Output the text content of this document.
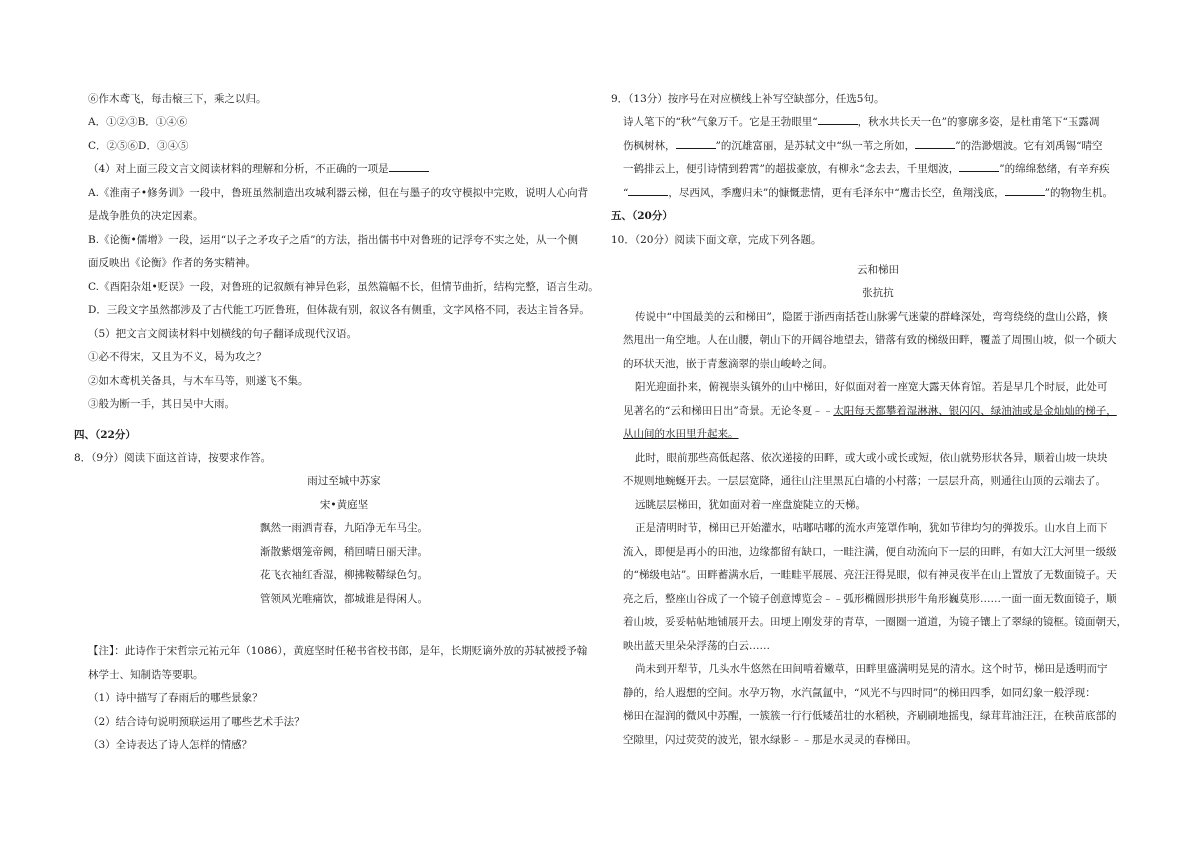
⑥作木鸢飞，每击榱三下，乘之以归。
A．①②③B．①④⑥
C．②⑤⑥D．③④⑤
（4）对上面三段文言文阅读材料的理解和分析，不正确的一项是
A.《淮南子•修务训》一段中，鲁班虽然制造出攻城利器云梯，但在与墨子的攻守模拟中完败，说明人心向背
是战争胜负的决定因素。
B.《论衡•儒增》一段，运用“以子之矛攻子之盾”的方法，指出儒书中对鲁班的记浮夸不实之处，从一个侧
面反映出《论衡》作者的务实精神。
C.《酉阳杂俎•贬误》一段，对鲁班的记叙颇有神异色彩，虽然篇幅不长，但情节曲折，结构完整，语言生动。
D．三段文字虽然都涉及了古代能工巧匠鲁班，但体裁有别，叙议各有侧重，文字风格不同，表达主旨各异。
（5）把文言文阅读材料中划横线的句子翻译成现代汉语。
①必不得宋，又且为不义，曷为攻之？
②如木鸢机关备具，与木车马等，则遂飞不集。
③般为断一手，其日吴中大雨。
四、（22分）
8．（9分）阅读下面这首诗，按要求作答。
雨过至城中苏家
宋•黄庭坚
飘然一雨洒青春，九陌净无车马尘。
渐散紫烟笼帝阙，稍回晴日丽天津。
花飞衣袖红香湿，柳拂鞍鞯绿色匀。
管领风光唯痛饮，都城谁是得闲人。
【注】：此诗作于宋哲宗元祐元年（1086），黄庭坚时任秘书省校书郎，是年，长期贬谪外放的苏轼被授予翰
林学士、知制诰等要职。
（1）诗中描写了春雨后的哪些景象？
（2）结合诗句说明预联运用了哪些艺术手法？
（3）全诗表达了诗人怎样的情感？
9．（13分）按序号在对应横线上补写空缺部分，任选5句。
诗人笔下的“秋”气象万千。它是王勃眼里“	，秋水共长天一色”的寥廓多姿，是杜甫笔下“玉露凋
伤枫树林，	”的沉雄富丽，是苏轼文中“纵一苇之所如，	”的浩渺烟波。它有刘禹锡“晴空
一鹤排云上，便引诗情到碧霄”的超拔豪放，有柳永“念去去，千里烟波，	”的绵绵愁绪，有辛弃疾
“	，尽西风，季鹰归未”的慷慨悲情，更有毛泽东中“鹰击长空，鱼翔浅底，	”的物物生机。
五、（20分）
10．（20分）阅读下面文章，完成下列各题。
云和梯田
张抗抗
传说中“中国最美的云和梯田”，隐匿于浙西南括苍山脉雾气迷蒙的群峰深处，弯弯绕绕的盘山公路，倏
然甩出一角空地。人在山腰，朝山下的开阔谷地望去，错落有致的梯级田畔，覆盖了周围山坡，似一个硕大
的环状天池，嵌于青葱滴翠的崇山峻岭之间。
阳光迎面扑来，俯视崇头镇外的山中梯田，好似面对着一座宽大露天体育馆。若是早几个时辰，此处可
见著名的“云和梯田日出”奇景。无论冬夏﹣﹣太阳每天都攀着湿淋淋、银闪闪、绿油油或是金灿灿的梯子，
从山间的水田里升起来。
此时，眼前那些高低起落、依次递接的田畔，或大或小或长或短，依山就势形状各异，顺着山坡一块块
不规则地蜿蜒开去。一层层宽降，通往山注里黑瓦白墙的小村落；一层层升高，则通往山顶的云端去了。
远眺层层梯田，犹如面对着一座盘旋陡立的天梯。
正是清明时节，梯田已开始灌水，咕嘟咕嘟的流水声笼罩作响，犹如节律均匀的弹拨乐。山水自上而下
流入，即便是再小的田池，边缘都留有缺口，一畦注满，便自动流向下一层的田畔，有如大江大河里一级级
的“梯级电站”。田畔蓄满水后，一畦畦平展展、亮汪汪得晃眼，似有神灵夜半在山上置放了无数面镜子。天
亮之后，整座山谷成了一个镜子创意博览会﹣﹣弧形椭圆形拱形牛角形巍莫形……一面一面无数面镜子，顺
着山坡，妥妥帖帖地铺展开去。田埂上刚发芽的青草，一圈圈一道道，为镜子镶上了翠绿的镜框。镜面朝天，
映出蓝天里朵朵浮荡的白云……
尚未到开犁节，几头水牛悠然在田间啃着嫩草，田畔里盛满明晃晃的清水。这个时节，梯田是透明而宁
静的，给人遐想的空间。水孕万物，水汽氤氲中，“风光不与四时同”的梯田四季，如同幻象一般浮现：
梯田在湿润的微风中苏醒，一簇簇一行行低矮茁壮的水稻秧，齐刷刷地摇曳，绿茸茸油汪汪，在秧苗底部的
空隙里，闪过荧荧的波光，银水绿影﹣﹣那是水灵灵的春梯田。
